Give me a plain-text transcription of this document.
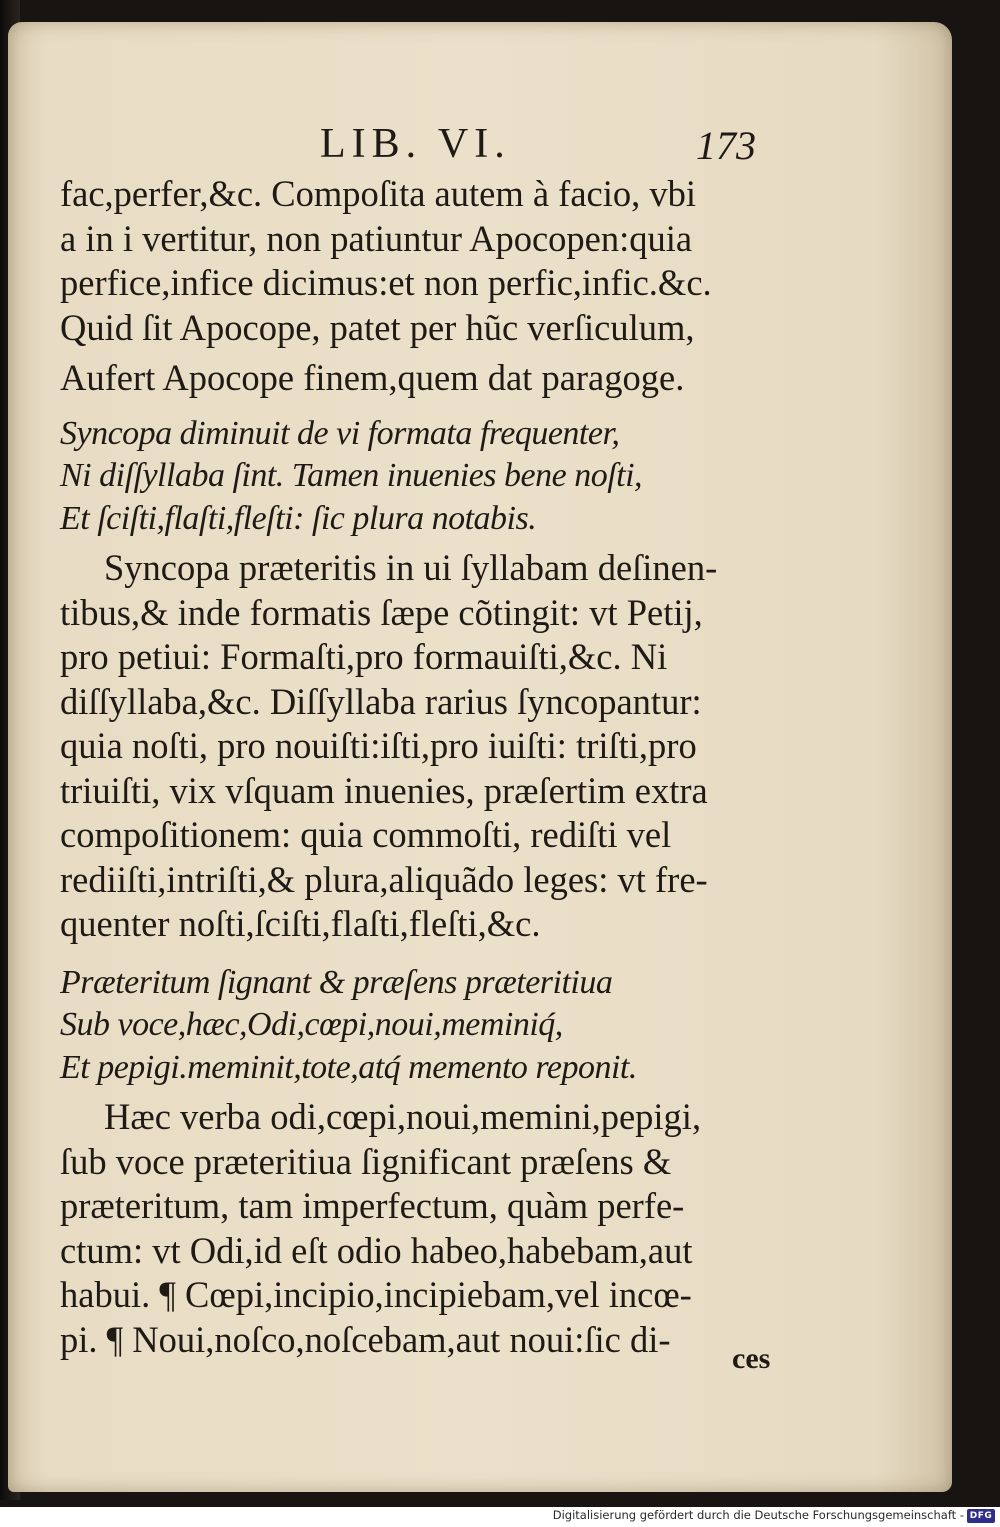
LIB. VI.	173
fac,perfer,&c. Compoſita autem à facio, vbi
a in i vertitur, non patiuntur Apocopen:quia
perfice,infice dicimus:et non perfic,infic.&c.
Quid ſit Apocope, patet per hũc verſiculum,
Aufert Apocope finem,quem dat paragoge.
Syncopa diminuit de vi formata frequenter,
Ni diſſyllaba ſint. Tamen inuenies bene noſti,
Et ſciſti,flaſti,fleſti: ſic plura notabis.
Syncopa præteritis in ui ſyllabam deſinen-
tibus,& inde formatis ſæpe cõtingit: vt Petij,
pro petiui: Formaſti,pro formauiſti,&c. Ni
diſſyllaba,&c. Diſſyllaba rarius ſyncopantur:
quia noſti, pro nouiſti:iſti,pro iuiſti: triſti,pro
triuiſti, vix vſquam inuenies, præſertim extra
compoſitionem: quia commoſti, rediſti vel
rediiſti,intriſti,& plura,aliquãdo leges: vt fre-
quenter noſti,ſciſti,flaſti,fleſti,&c.
Præteritum ſignant & præſens præteritiua
Sub voce,hæc,Odi,cœpi,noui,meminiq́,
Et pepigi.meminit,tote,atq́ memento reponit.
Hæc verba odi,cœpi,noui,memini,pepigi,
ſub voce præteritiua ſignificant præſens &
præteritum, tam imperfectum, quàm perfe-
ctum: vt Odi,id eſt odio habeo,habebam,aut
habui. ¶ Cœpi,incipio,incipiebam,vel incœ-
pi. ¶ Noui,noſco,noſcebam,aut noui:ſic di-	ces
Digitalisierung gefördert durch die Deutsche Forschungsgemeinschaft - DFG
